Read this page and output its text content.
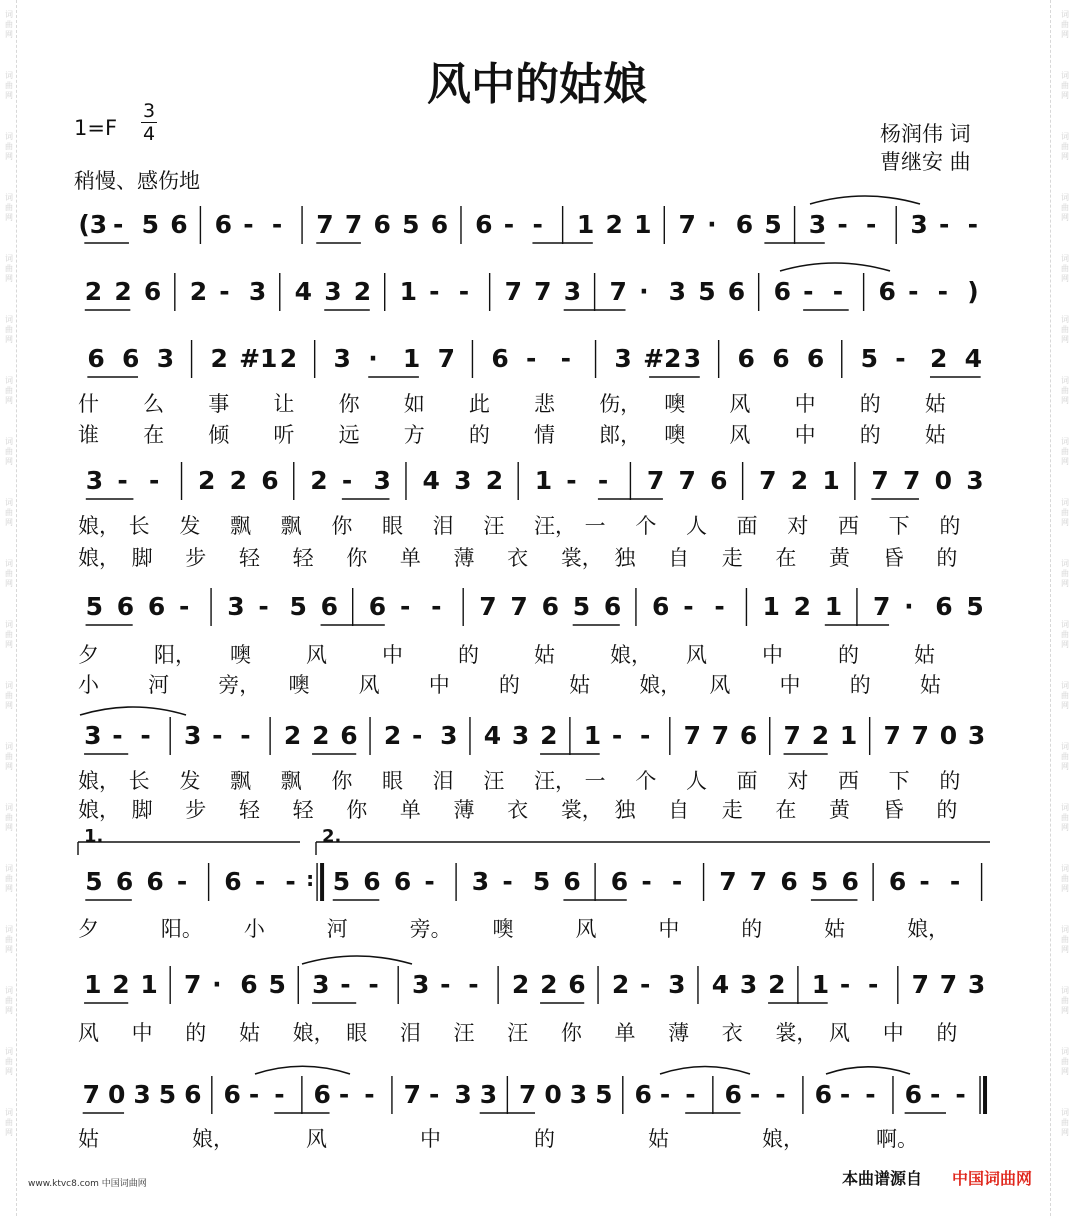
风中的姑娘
1=F
3
4
稍慢、感伤地
杨润伟 词
曹继安 曲
(3 - 5 6 6 - - 7 7 6 5 6 6 - - 1 2 1 7 · 6 5 3 - - 3 - -
2 2 6 2 - 3 4 3 2 1 - - 7 7 3 7 · 3 5 6 6 - - 6 - - )
6 6 3 2 #1 2 3 · 1 7 6 - - 3 #2 3 6 6 6 5 - 2 4
什 么 事 让 你 如 此 悲 伤， 噢 风 中 的 姑
谁 在 倾 听 远 方 的 情 郎， 噢 风 中 的 姑
3 - - 2 2 6 2 - 3 4 3 2 1 - - 7 7 6 7 2 1 7 7 0 3
娘， 长 发 飘 飘 你 眼 泪 汪 汪， 一 个 人 面 对 西 下 的
娘， 脚 步 轻 轻 你 单 薄 衣 裳， 独 自 走 在 黄 昏 的
5 6 6 - 3 - 5 6 6 - - 7 7 6 5 6 6 - - 1 2 1 7 · 6 5
夕	阳， 噢	风	中	的	姑	娘， 风	中	的	姑
小 河 旁， 噢 风 中 的 姑 娘， 风 中 的 姑
3 - - 3 - - 2 2 6 2 - 3 4 3 2 1 - - 7 7 6 7 2 1 7 7 0 3
娘， 长 发 飘 飘 你 眼 泪 汪 汪， 一 个 人 面 对 西 下 的
娘， 脚 步 轻 轻 你 单 薄 衣 裳， 独 自 走 在 黄 昏 的
5 6 6 - 6 - - : 5 6 6 - 3 - 5 6 6 - - 7 7 6 5 6 6 - -
夕	阳。 小	河	旁。 噢	风	中	的	姑	娘，
1 2 1 7 · 6 5 3 - - 3 - - 2 2 6 2 - 3 4 3 2 1 - - 7 7 3
风 中 的 姑 娘， 眼 泪 汪 汪 你 单 薄 衣 裳， 风 中 的
7 0 3 5 6 6 - - 6 - - 7 - 3 3 7 0 3 5 6 - - 6 - - 6 - - 6 - -
姑	娘，	风	中	的	姑	娘，	啊。
1.	2.
词
曲
网
词
曲
网
词
曲
网
词
曲
网
词
曲
网
词
曲
网
词
曲
网
词
曲
网
词
曲
网
词
曲
网
词
曲
网
词
曲
网
词
曲
网
词
曲
网
词
曲
网
词
曲
网
词
曲
网
词
曲
网
词
曲
网
词
曲
网
词
曲
网
词
曲
网
词
曲
网
词
曲
网
词
曲
网
词
曲
网
词
曲
网
词
曲
网
词
曲
网
词
曲
网
词
曲
网
词
曲
网
词
曲
网
词
曲
网
词
曲
网
词
曲
网
词
曲
网
词
曲
网
www.ktvc8.com 中国词曲网	本曲谱源自 中国词曲网
